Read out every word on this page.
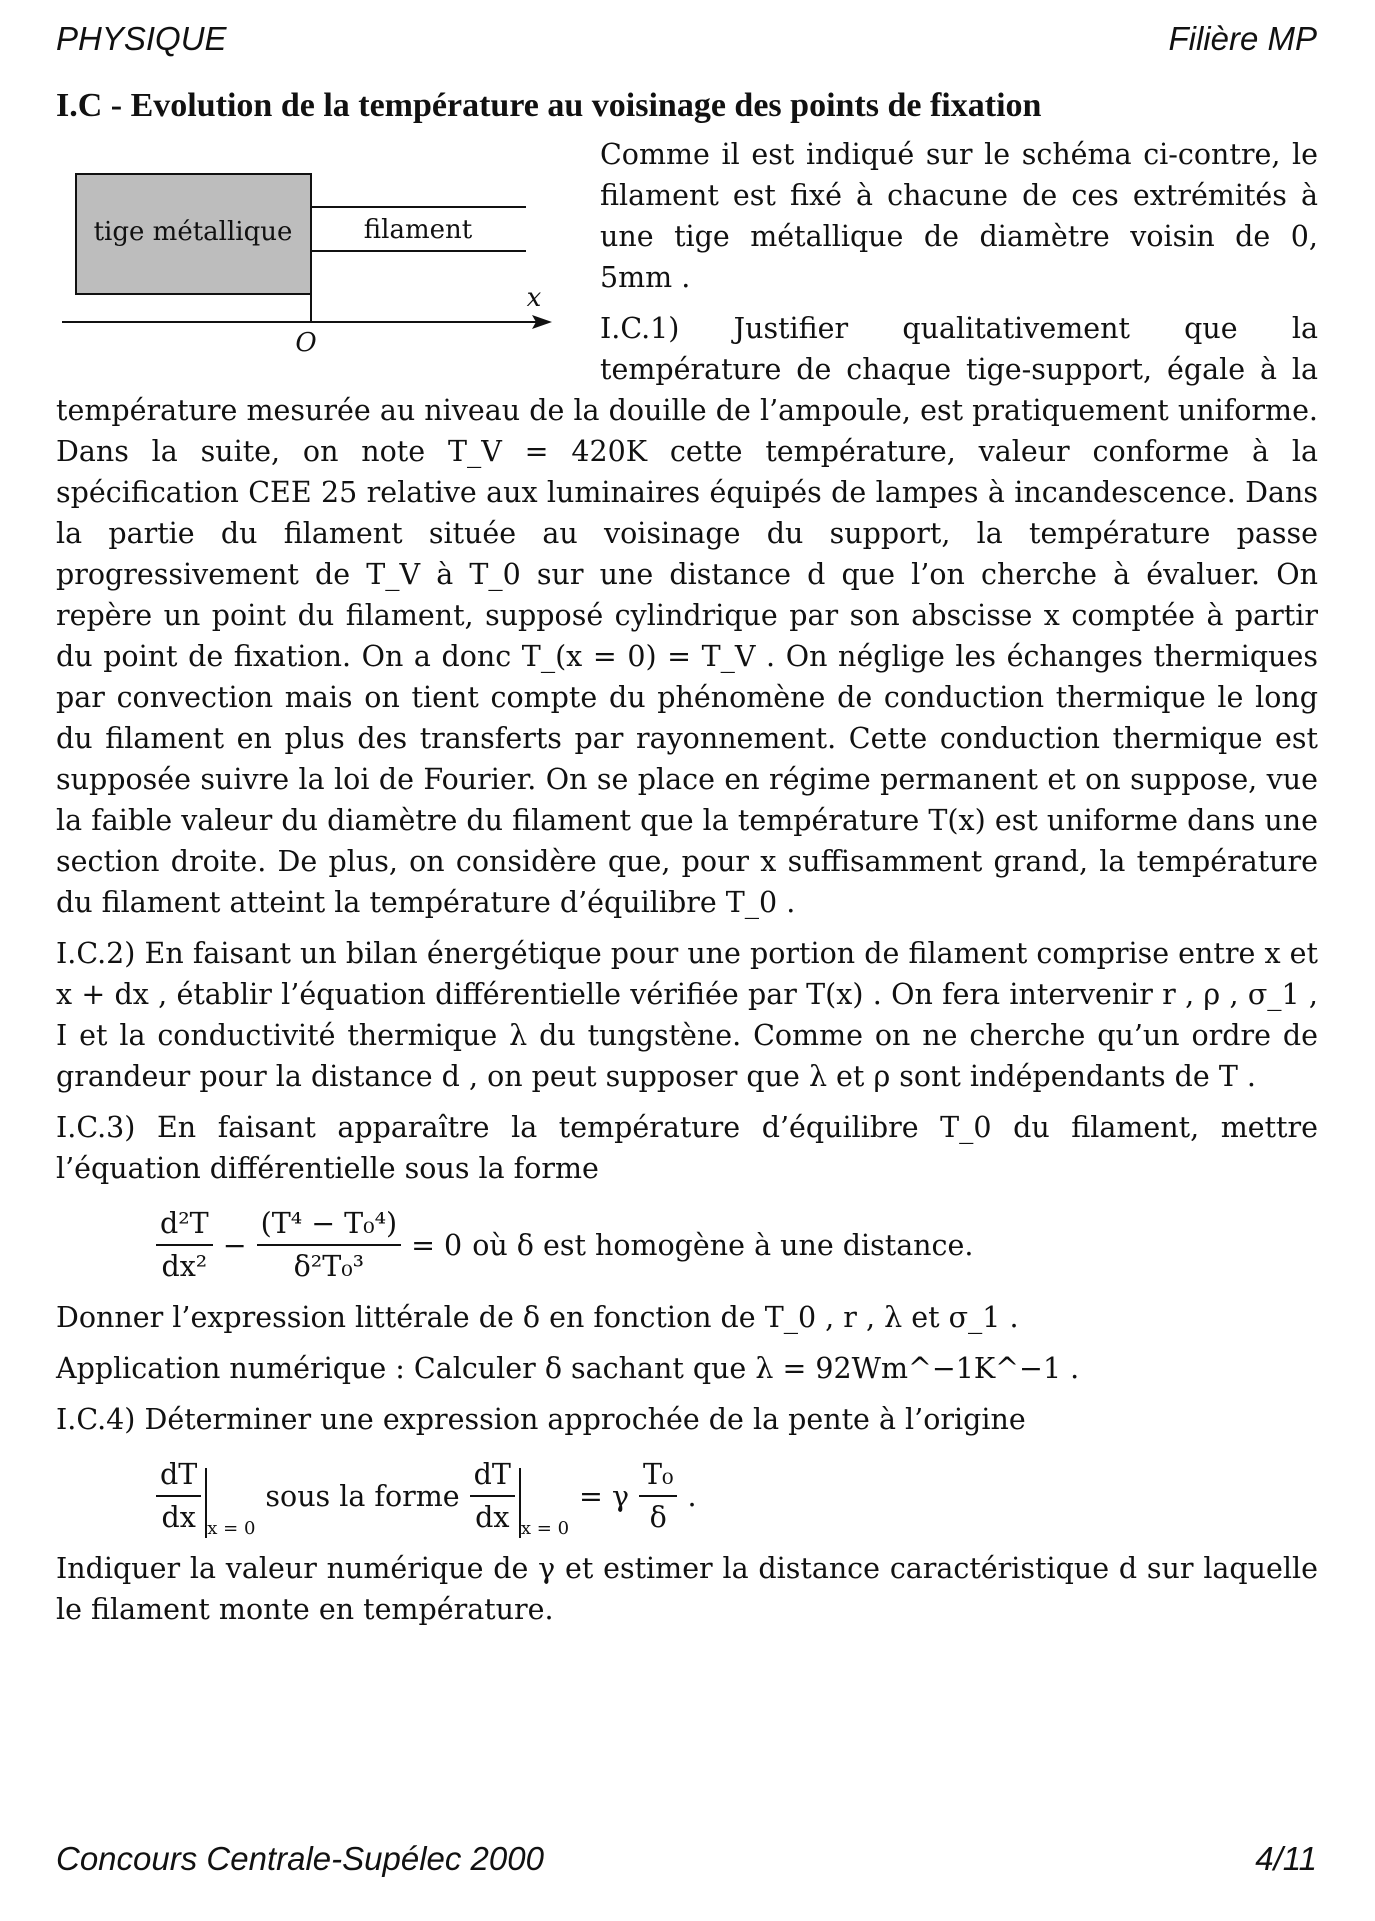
PHYSIQUE	Filière MP
I.C - Evolution de la température au voisinage des points de fixation
tige métallique	filament
x
O

Comme il est indiqué sur le schéma ci-contre, le filament est fixé à chacune de ces extrémités à une tige métallique de diamètre voisin de 0, 5mm .

I.C.1) Justifier qualitativement que la température de chaque tige-support, égale à la température mesurée au niveau de la douille de l’ampoule, est pratiquement uniforme. Dans la suite, on note T_V = 420K cette température, valeur conforme à la spécification CEE 25 relative aux luminaires équipés de lampes à incandescence. Dans la partie du filament située au voisinage du support, la température passe progressivement de T_V à T_0 sur une distance d que l’on cherche à évaluer. On repère un point du filament, supposé cylindrique par son abscisse x comptée à partir du point de fixation. On a donc T_(x = 0) = T_V . On néglige les échanges thermiques par convection mais on tient compte du phénomène de conduction thermique le long du filament en plus des transferts par rayonnement. Cette conduction thermique est supposée suivre la loi de Fourier. On se place en régime permanent et on suppose, vue la faible valeur du diamètre du filament que la température T(x) est uniforme dans une section droite. De plus, on considère que, pour x suffisamment grand, la température du filament atteint la température d’équilibre T_0 .

I.C.2) En faisant un bilan énergétique pour une portion de filament comprise entre x et x + dx , établir l’équation différentielle vérifiée par T(x) . On fera intervenir r , ρ , σ_1 , I et la conductivité thermique λ du tungstène. Comme on ne cherche qu’un ordre de grandeur pour la distance d , on peut supposer que λ et ρ sont indépendants de T .

I.C.3) En faisant apparaître la température d’équilibre T_0 du filament, mettre l’équation différentielle sous la forme

$\frac{\text{d²T}}{\text{dx²}} - \frac{\text{(T⁴ − T₀⁴)}}{\text{δ²T₀³}} = 0$ où δ est homogène à une distance.

Donner l’expression littérale de δ en fonction de T_0 , r , λ et σ_1 .

Application numérique : Calculer δ sachant que λ = 92Wm^−1K^−1 .

I.C.4) Déterminer une expression approchée de la pente à l’origine

$\frac{dT}{dx}$ x = 0
sous la forme $\frac{dT}{dx}$ x = 0
= γ $\frac{\text{T₀}}{\delta}$ .

Indiquer la valeur numérique de γ et estimer la distance caractéristique d sur laquelle le filament monte en température.

Concours Centrale-Supélec 2000	4/11
